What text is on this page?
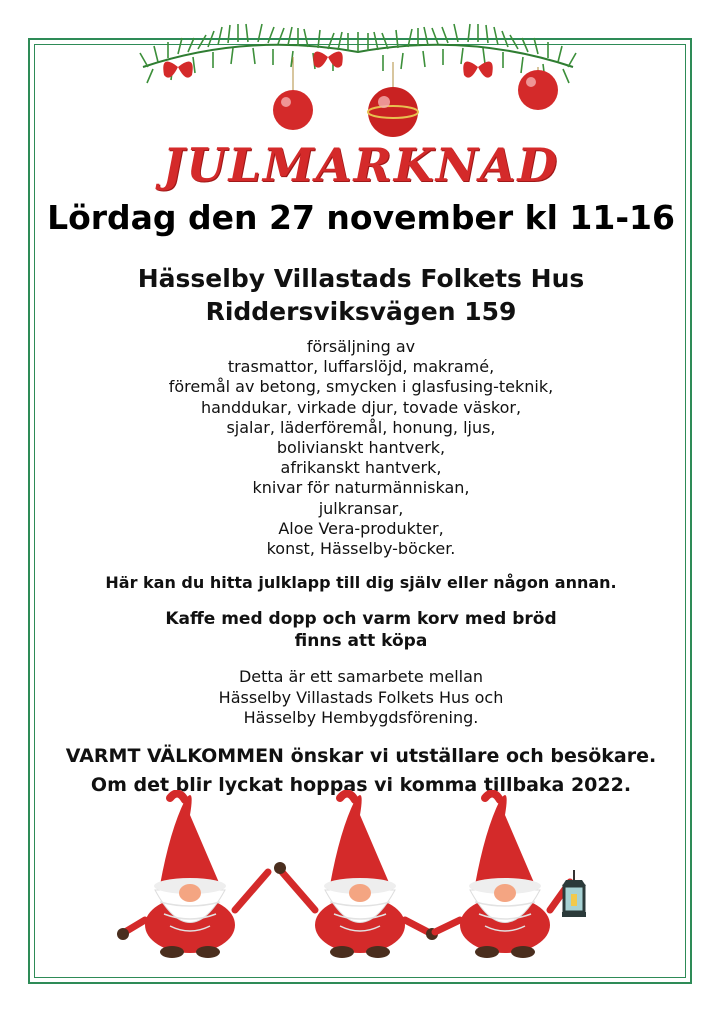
JULMARKNAD
Lördag den 27 november kl 11-16
Hässelby Villastads Folkets Hus
Riddersviksvägen 159
försäljning av
trasmattor, luffarslöjd, makramé,
föremål av betong, smycken i glasfusing-teknik,
handdukar, virkade djur, tovade väskor,
sjalar, läderföremål, honung, ljus,
bolivianskt hantverk,
afrikanskt hantverk,
knivar för naturmänniskan,
julkransar,
Aloe Vera-produkter,
konst, Hässelby-böcker.
Här kan du hitta julklapp till dig själv eller någon annan.
Kaffe med dopp och varm korv med bröd
finns att köpa
Detta är ett samarbete mellan
Hässelby Villastads Folkets Hus och
Hässelby Hembygdsförening.
VARMT VÄLKOMMEN önskar vi utställare och besökare.
Om det blir lyckat hoppas vi komma tillbaka 2022.
